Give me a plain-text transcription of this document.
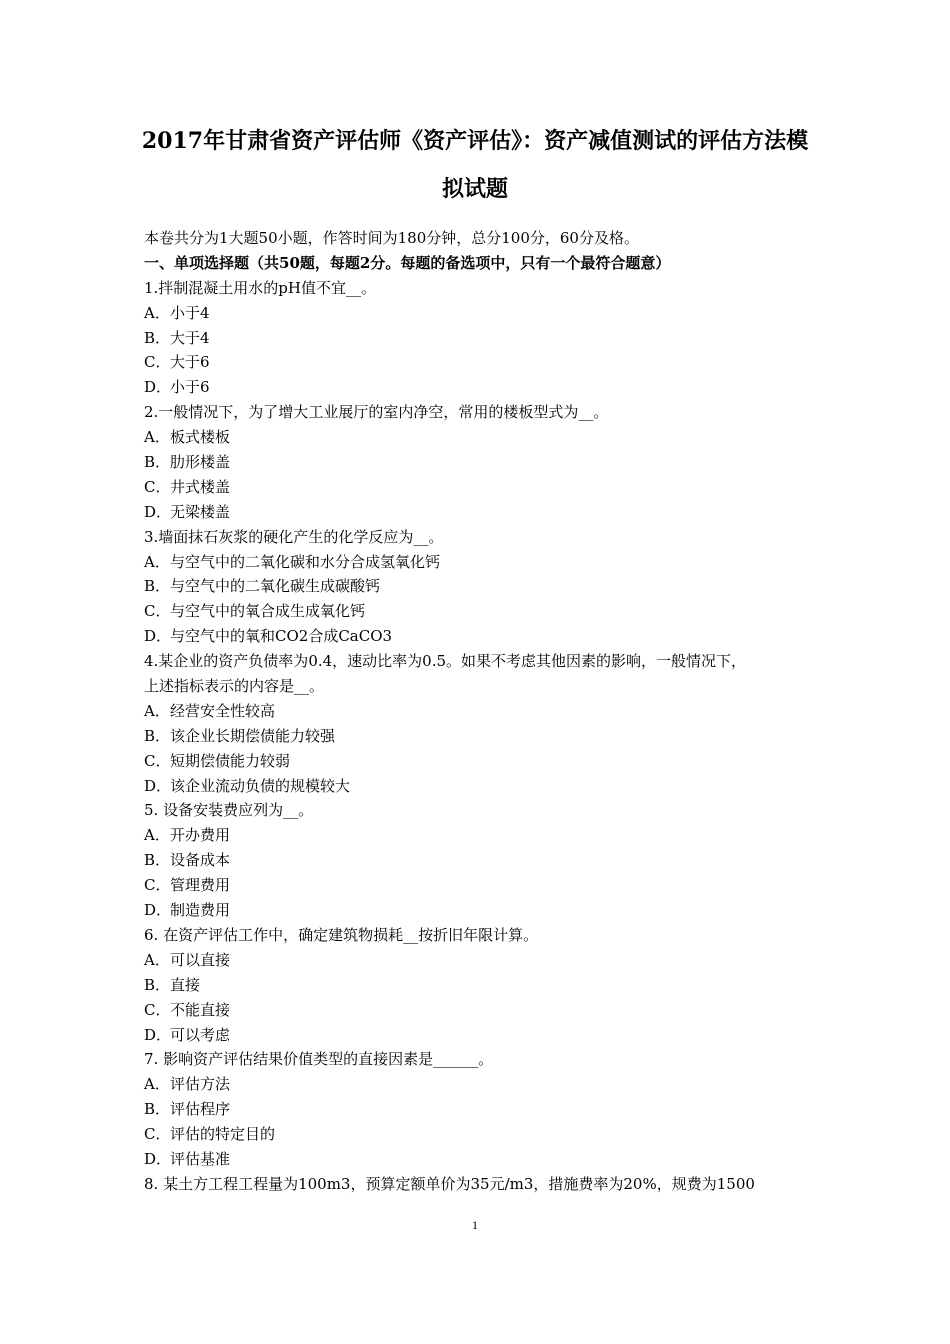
2017年甘肃省资产评估师《资产评估》：资产减值测试的评估方法模
拟试题
本卷共分为1大题50小题，作答时间为180分钟，总分100分，60分及格。
一、单项选择题（共50题，每题2分。每题的备选项中，只有一个最符合题意）
1.拌制混凝土用水的pH值不宜__。
A．小于4
B．大于4
C．大于6
D．小于6
2.一般情况下，为了增大工业展厅的室内净空，常用的楼板型式为__。
A．板式楼板
B．肋形楼盖
C．井式楼盖
D．无梁楼盖
3.墙面抹石灰浆的硬化产生的化学反应为__。
A．与空气中的二氧化碳和水分合成氢氧化钙
B．与空气中的二氧化碳生成碳酸钙
C．与空气中的氧合成生成氧化钙
D．与空气中的氧和CO2合成CaCO3
4.某企业的资产负债率为0.4，速动比率为0.5。如果不考虑其他因素的影响，一般情况下，
上述指标表示的内容是__。
A．经营安全性较高
B．该企业长期偿债能力较强
C．短期偿债能力较弱
D．该企业流动负债的规模较大
5. 设备安装费应列为__。
A．开办费用
B．设备成本
C．管理费用
D．制造费用
6. 在资产评估工作中，确定建筑物损耗__按折旧年限计算。
A．可以直接
B．直接
C．不能直接
D．可以考虑
7. 影响资产评估结果价值类型的直接因素是______。
A．评估方法
B．评估程序
C．评估的特定目的
D．评估基准
8. 某土方工程工程量为100m3，预算定额单价为35元/m3，措施费率为20%，规费为1500
1
